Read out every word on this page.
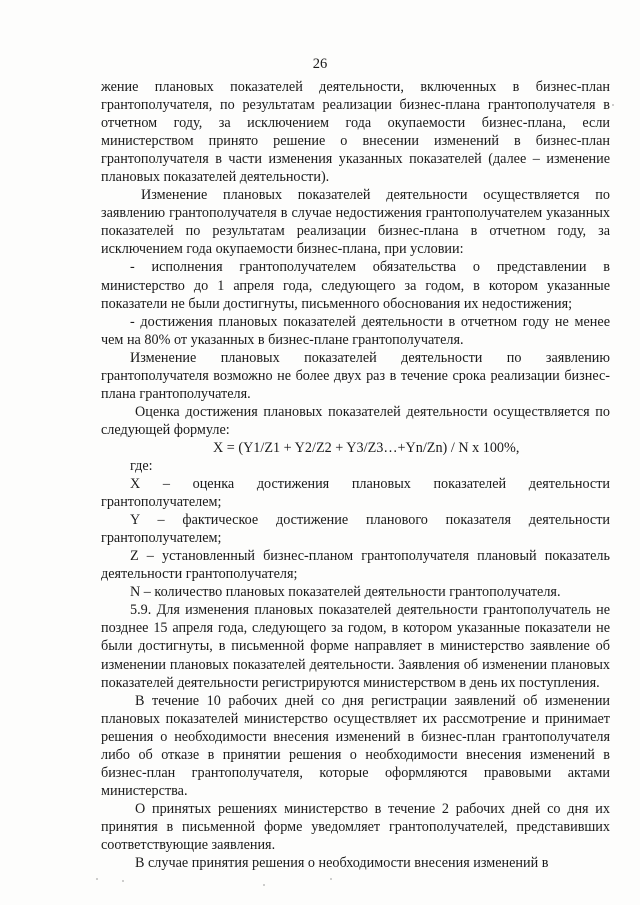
26

жение плановых показателей деятельности, включенных в бизнес-план грантополучателя, по результатам реализации бизнес-плана грантополучателя в отчетном году, за исключением года окупаемости бизнес-плана, если министерством принято решение о внесении изменений в бизнес-план грантополучателя в части изменения указанных показателей (далее – изменение плановых показателей деятельности).

Изменение плановых показателей деятельности осуществляется по заявлению грантополучателя в случае недостижения грантополучателем указанных показателей по результатам реализации бизнес-плана в отчетном году, за исключением года окупаемости бизнес-плана, при условии:

- исполнения грантополучателем обязательства о представлении в министерство до 1 апреля года, следующего за годом, в котором указанные показатели не были достигнуты, письменного обоснования их недостижения;

- достижения плановых показателей деятельности в отчетном году не менее чем на 80% от указанных в бизнес-плане грантополучателя.

Изменение плановых показателей деятельности по заявлению грантополучателя возможно не более двух раз в течение срока реализации бизнес-плана грантополучателя.

Оценка достижения плановых показателей деятельности осуществляется по следующей формуле:

X = (Y1/Z1 + Y2/Z2 + Y3/Z3…+Yn/Zn) / N x 100%,

где:

X – оценка достижения плановых показателей деятельности грантополучателем;

Y – фактическое достижение планового показателя деятельности грантополучателем;

Z – установленный бизнес-планом грантополучателя плановый показатель деятельности грантополучателя;

N – количество плановых показателей деятельности грантополучателя.

5.9. Для изменения плановых показателей деятельности грантополучатель не позднее 15 апреля года, следующего за годом, в котором указанные показатели не были достигнуты, в письменной форме направляет в министерство заявление об изменении плановых показателей деятельности. Заявления об изменении плановых показателей деятельности регистрируются министерством в день их поступления.

В течение 10 рабочих дней со дня регистрации заявлений об изменении плановых показателей министерство осуществляет их рассмотрение и принимает решения о необходимости внесения изменений в бизнес-план грантополучателя либо об отказе в принятии решения о необходимости внесения изменений в бизнес-план грантополучателя, которые оформляются правовыми актами министерства.

О принятых решениях министерство в течение 2 рабочих дней со дня их принятия в письменной форме уведомляет грантополучателей, представивших соответствующие заявления.

В случае принятия решения о необходимости внесения изменений в
